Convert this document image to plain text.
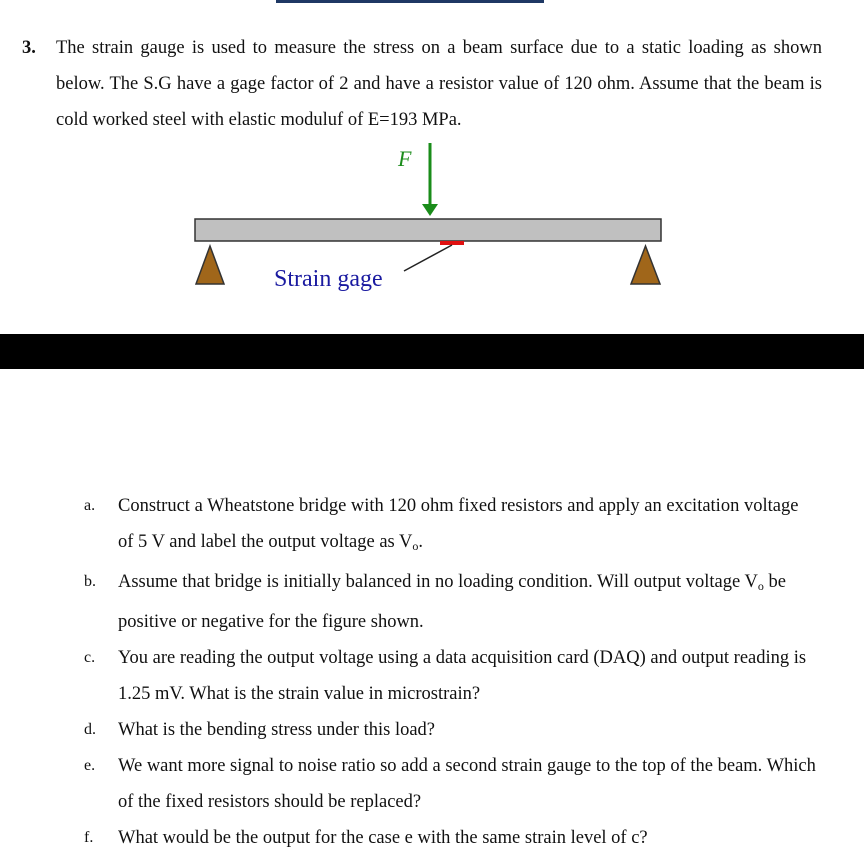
3. The strain gauge is used to measure the stress on a beam surface due to a static loading as shown below. The S.G have a gage factor of 2 and have a resistor value of 120 ohm. Assume that the beam is cold worked steel with elastic moduluf of E=193 MPa.
F
Strain gage
a. Construct a Wheatstone bridge with 120 ohm fixed resistors and apply an excitation voltage of 5 V and label the output voltage as $V_o$.
b. Assume that bridge is initially balanced in no loading condition. Will output voltage $V_o$ be positive or negative for the figure shown.
c. You are reading the output voltage using a data acquisition card (DAQ) and output reading is 1.25 mV. What is the strain value in microstrain?
d. What is the bending stress under this load?
e. We want more signal to noise ratio so add a second strain gauge to the top of the beam. Which of the fixed resistors should be replaced?
f. What would be the output for the case e with the same strain level of c?
